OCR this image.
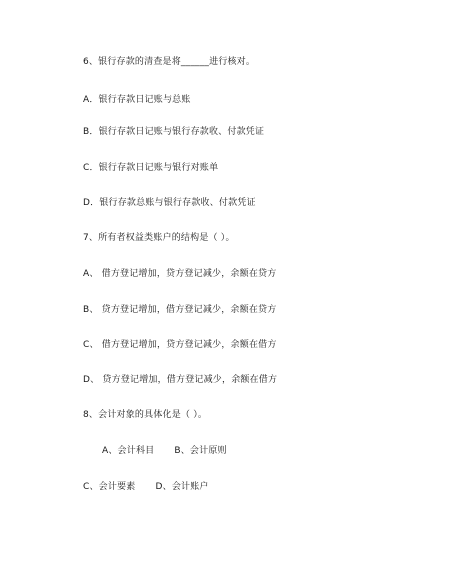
6、银行存款的清查是将______进行核对。
A．银行存款日记账与总账
B．银行存款日记账与银行存款收、付款凭证
C．银行存款日记账与银行对账单
D．银行存款总账与银行存款收、付款凭证
7、所有者权益类账户的结构是（ ）。
A、 借方登记增加，贷方登记减少，余额在贷方
B、 贷方登记增加，借方登记减少，余额在贷方
C、 借方登记增加，贷方登记减少，余额在借方
D、 贷方登记增加，借方登记减少，余额在借方
8、会计对象的具体化是（ ）。
A、会计科目 B、会计原则
C、会计要素 D、会计账户
